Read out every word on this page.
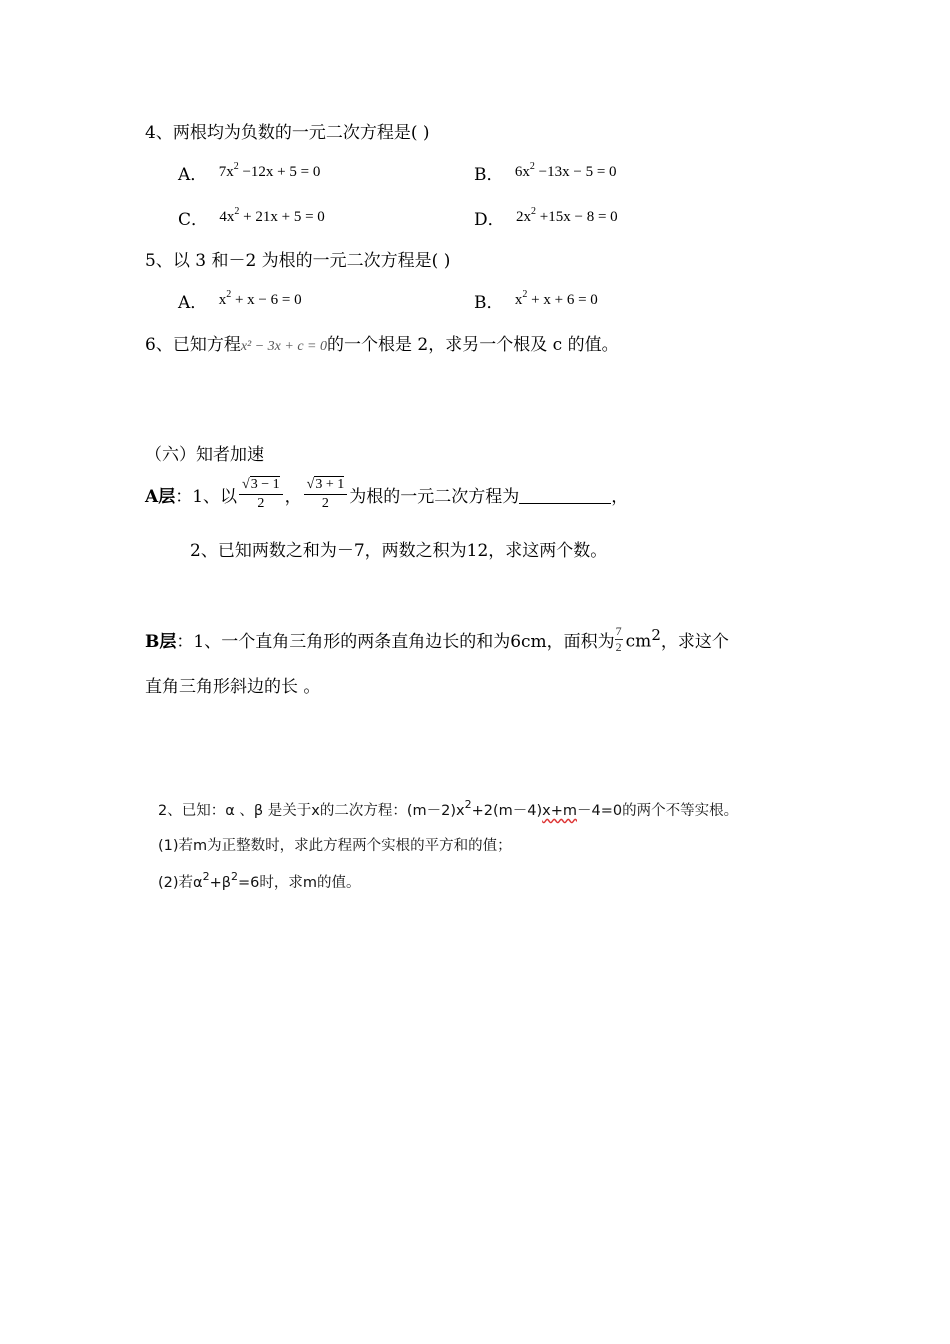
4、两根均为负数的一元二次方程是( )
A． $7x^2 -12x + 5 = 0$	B． $6x^2 -13x - 5 = 0$
C． $4x^2 + 21x + 5 = 0$	D． $2x^2 +15x - 8 = 0$
5、以 3 和－2 为根的一元二次方程是( )
A． $x^2 + x - 6 = 0$	B． $x^2 + x + 6 = 0$
6、已知方程x² − 3x + c = 0的一个根是 2，求另一个根及 c 的值。
（六）知者加速
A层 ：1、以 $\frac{√3 - 1}{2}$ ， $\frac{√3 + 1}{2}$ 为根的一元二次方程为	，
2、已知两数之和为－7，两数之积为12，求这两个数。
B层 ：1、一个直角三角形的两条直角边长的和为6cm，面积为 $\frac{7}{2} cm^2$ ，求这个
直角三角形斜边的长 。
2、已知：α 、β 是关于x的二次方程：$(m-2)x^2+2(m-4)x+m-4=0$的两个不等实根。
(1)若m为正整数时，求此方程两个实根的平方和的值；
(2)若$\alpha^2+\beta^2=6$时，求m的值。
